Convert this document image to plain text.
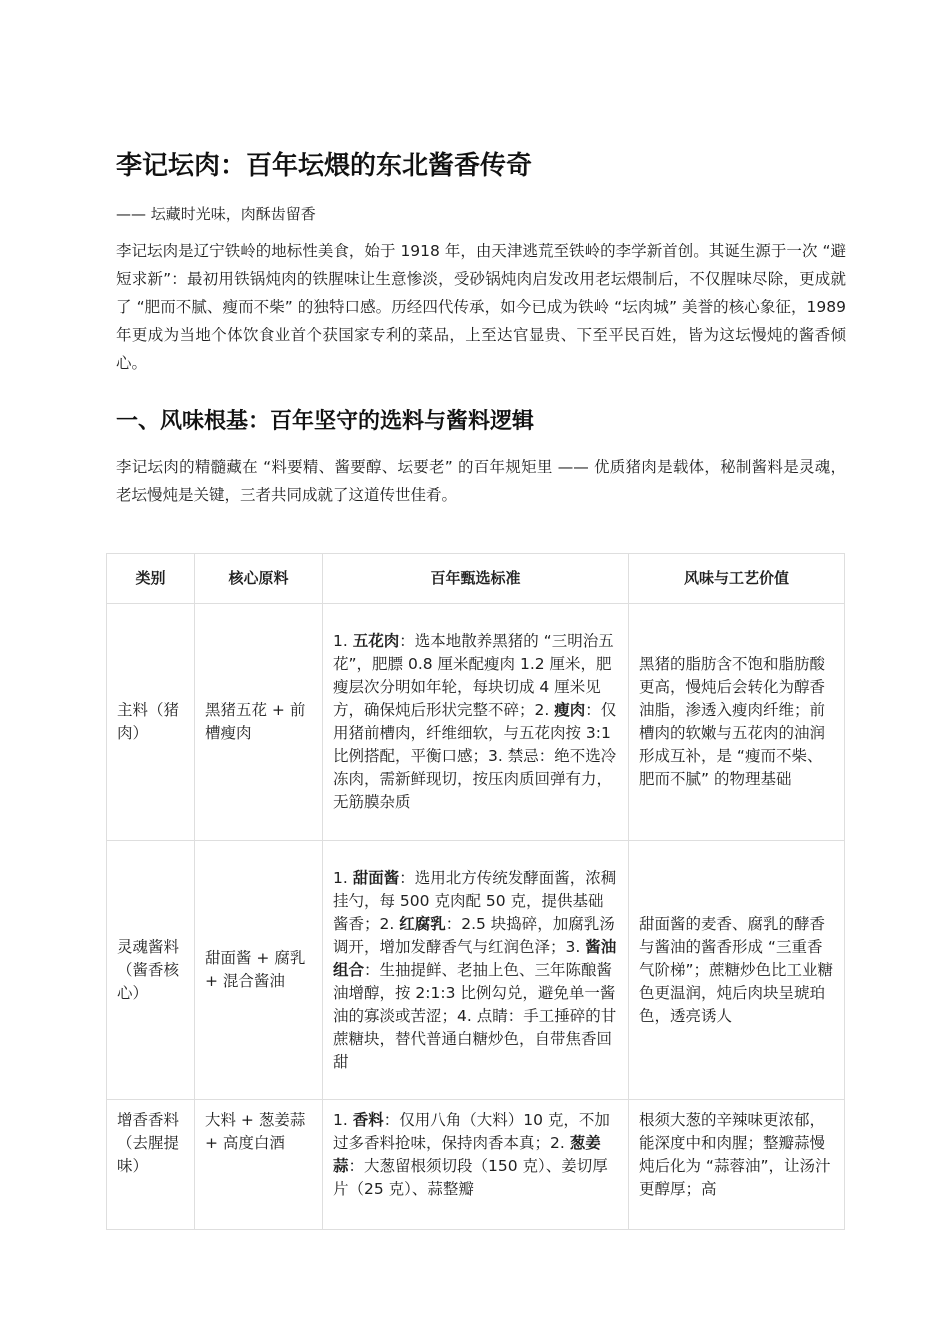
李记坛肉：百年坛煨的东北酱香传奇
—— 坛藏时光味，肉酥齿留香

李记坛肉是辽宁铁岭的地标性美食，始于 1918 年，由天津逃荒至铁岭的李学新首创。其诞生源于一次 “避短求新”：最初用铁锅炖肉的铁腥味让生意惨淡，受砂锅炖肉启发改用老坛煨制后，不仅腥味尽除，更成就了 “肥而不腻、瘦而不柴” 的独特口感。历经四代传承，如今已成为铁岭 “坛肉城” 美誉的核心象征，1989 年更成为当地个体饮食业首个获国家专利的菜品，上至达官显贵、下至平民百姓，皆为这坛慢炖的酱香倾心。

一、风味根基：百年坚守的选料与酱料逻辑

李记坛肉的精髓藏在 “料要精、酱要醇、坛要老” 的百年规矩里 —— 优质猪肉是载体，秘制酱料是灵魂，老坛慢炖是关键，三者共同成就了这道传世佳肴。

类别	核心原料	百年甄选标准	风味与工艺价值
主料（猪肉）	黑猪五花 + 前槽瘦肉	1. 五花肉：选本地散养黑猪的 “三明治五花”，肥膘 0.8 厘米配瘦肉 1.2 厘米，肥瘦层次分明如年轮，每块切成 4 厘米见方，确保炖后形状完整不碎；2. 瘦肉：仅用猪前槽肉，纤维细软，与五花肉按 3:1 比例搭配，平衡口感；3. 禁忌：绝不选冷冻肉，需新鲜现切，按压肉质回弹有力，无筋膜杂质	黑猪的脂肪含不饱和脂肪酸更高，慢炖后会转化为醇香油脂，渗透入瘦肉纤维；前槽肉的软嫩与五花肉的油润形成互补，是 “瘦而不柴、肥而不腻” 的物理基础
灵魂酱料（酱香核心）	甜面酱 + 腐乳 + 混合酱油	1. 甜面酱：选用北方传统发酵面酱，浓稠挂勺，每 500 克肉配 50 克，提供基础酱香；2. 红腐乳：2.5 块捣碎，加腐乳汤调开，增加发酵香气与红润色泽；3. 酱油组合：生抽提鲜、老抽上色、三年陈酿酱油增醇，按 2:1:3 比例勾兑，避免单一酱油的寡淡或苦涩；4. 点睛：手工捶碎的甘蔗糖块，替代普通白糖炒色，自带焦香回甜	甜面酱的麦香、腐乳的酵香与酱油的酱香形成 “三重香气阶梯”；蔗糖炒色比工业糖色更温润，炖后肉块呈琥珀色，透亮诱人
增香香料（去腥提味）	大料 + 葱姜蒜 + 高度白酒	1. 香料：仅用八角（大料）10 克，不加过多香料抢味，保持肉香本真；2. 葱姜蒜：大葱留根须切段（150 克）、姜切厚片（25 克）、蒜整瓣	根须大葱的辛辣味更浓郁，能深度中和肉腥；整瓣蒜慢炖后化为 “蒜蓉油”，让汤汁更醇厚；高
